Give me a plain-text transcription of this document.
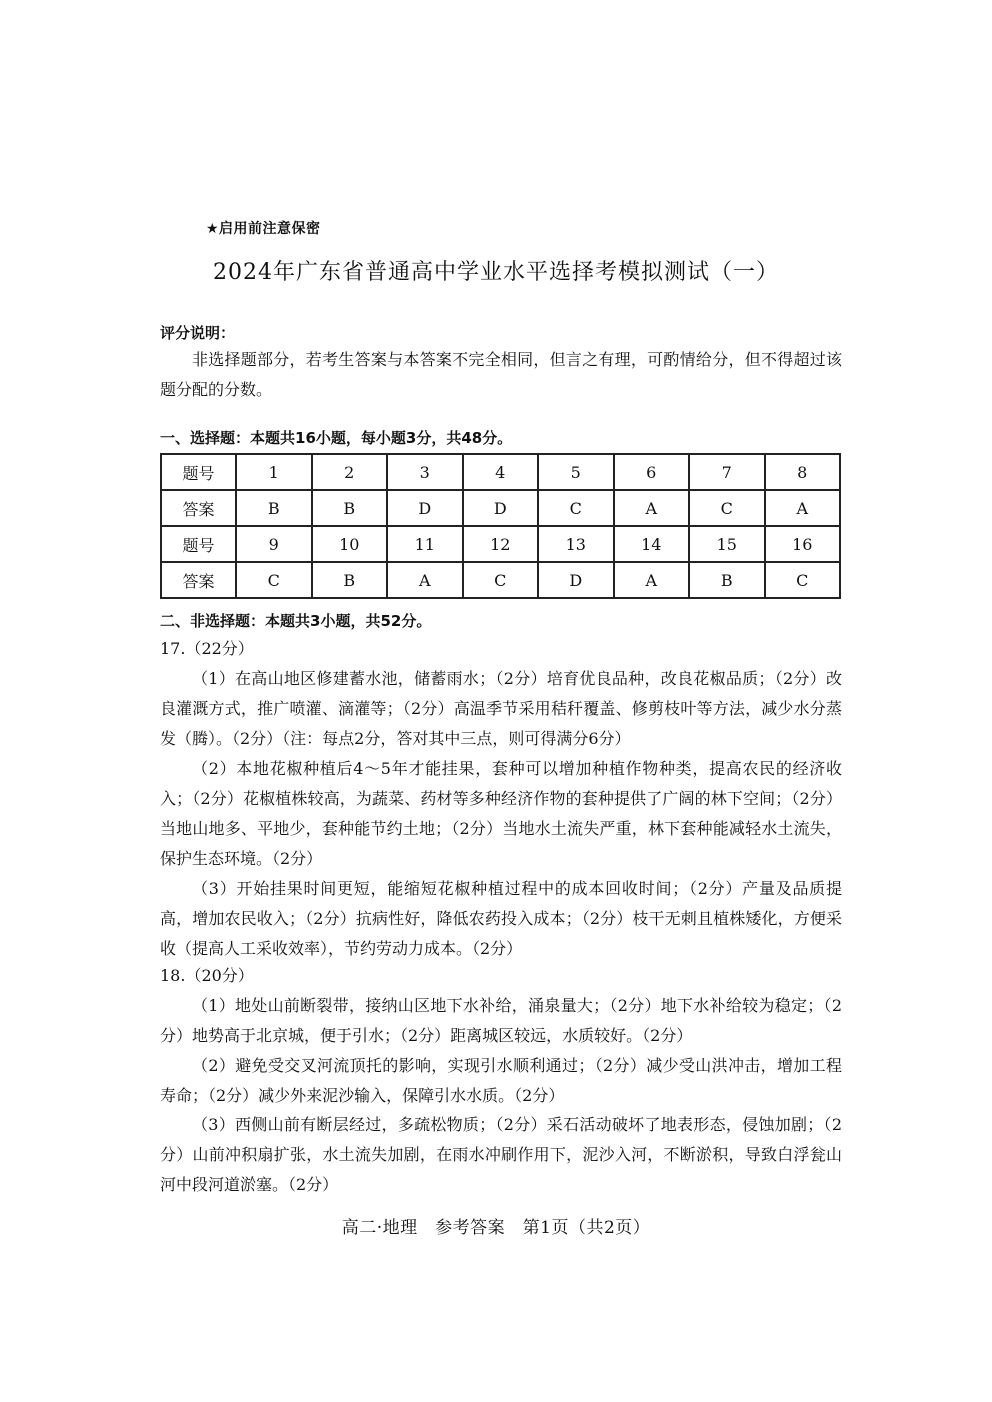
★启用前注意保密
2024年广东省普通高中学业水平选择考模拟测试（一）
评分说明：

非选择题部分，若考生答案与本答案不完全相同，但言之有理，可酌情给分，但不得超过该题分配的分数。

一、选择题：本题共16小题，每小题3分，共48分。
题号	1	2	3	4	5	6	7	8
答案	B	B	D	D	C	A	C	A
题号	9	10	11	12	13	14	15	16
答案	C	B	A	C	D	A	B	C
二、非选择题：本题共3小题，共52分。

17.（22分）

（1）在高山地区修建蓄水池，储蓄雨水；（2分）培育优良品种，改良花椒品质；（2分）改良灌溉方式，推广喷灌、滴灌等；（2分）高温季节采用秸秆覆盖、修剪枝叶等方法，减少水分蒸发（腾）。（2分）（注：每点2分，答对其中三点，则可得满分6分）

（2）本地花椒种植后4～5年才能挂果，套种可以增加种植作物种类，提高农民的经济收入；（2分）花椒植株较高，为蔬菜、药材等多种经济作物的套种提供了广阔的林下空间；（2分）当地山地多、平地少，套种能节约土地；（2分）当地水土流失严重，林下套种能减轻水土流失，保护生态环境。（2分）

（3）开始挂果时间更短，能缩短花椒种植过程中的成本回收时间；（2分）产量及品质提高，增加农民收入；（2分）抗病性好，降低农药投入成本；（2分）枝干无刺且植株矮化，方便采收（提高人工采收效率），节约劳动力成本。（2分）

18.（20分）

（1）地处山前断裂带，接纳山区地下水补给，涌泉量大；（2分）地下水补给较为稳定；（2分）地势高于北京城，便于引水；（2分）距离城区较远，水质较好。（2分）

（2）避免受交叉河流顶托的影响，实现引水顺利通过；（2分）减少受山洪冲击，增加工程寿命；（2分）减少外来泥沙输入，保障引水水质。（2分）

（3）西侧山前有断层经过，多疏松物质；（2分）采石活动破坏了地表形态，侵蚀加剧；（2分）山前冲积扇扩张，水土流失加剧，在雨水冲刷作用下，泥沙入河，不断淤积，导致白浮瓮山河中段河道淤塞。（2分）

高二·地理　参考答案　第1页（共2页）
